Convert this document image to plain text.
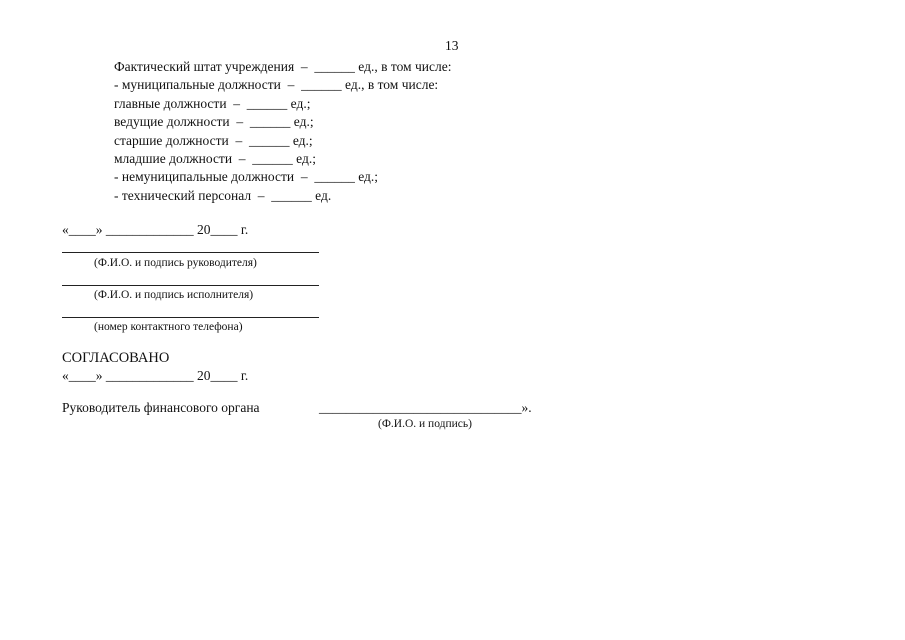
13
Фактический штат учреждения  –  ______ ед., в том числе:
- муниципальные должности  –  ______ ед., в том числе:
главные должности  –  ______ ед.;
ведущие должности  –  ______ ед.;
старшие должности  –  ______ ед.;
младшие должности  –  ______ ед.;
- немуниципальные должности  –  ______ ед.;
- технический персонал  –  ______ ед.
«____» _____________ 20____ г.
(Ф.И.О. и подпись руководителя)
(Ф.И.О. и подпись исполнителя)
(номер контактного телефона)
СОГЛАСОВАНО
«____» _____________ 20____ г.
Руководитель финансового органа	______________________________».
(Ф.И.О. и подпись)
